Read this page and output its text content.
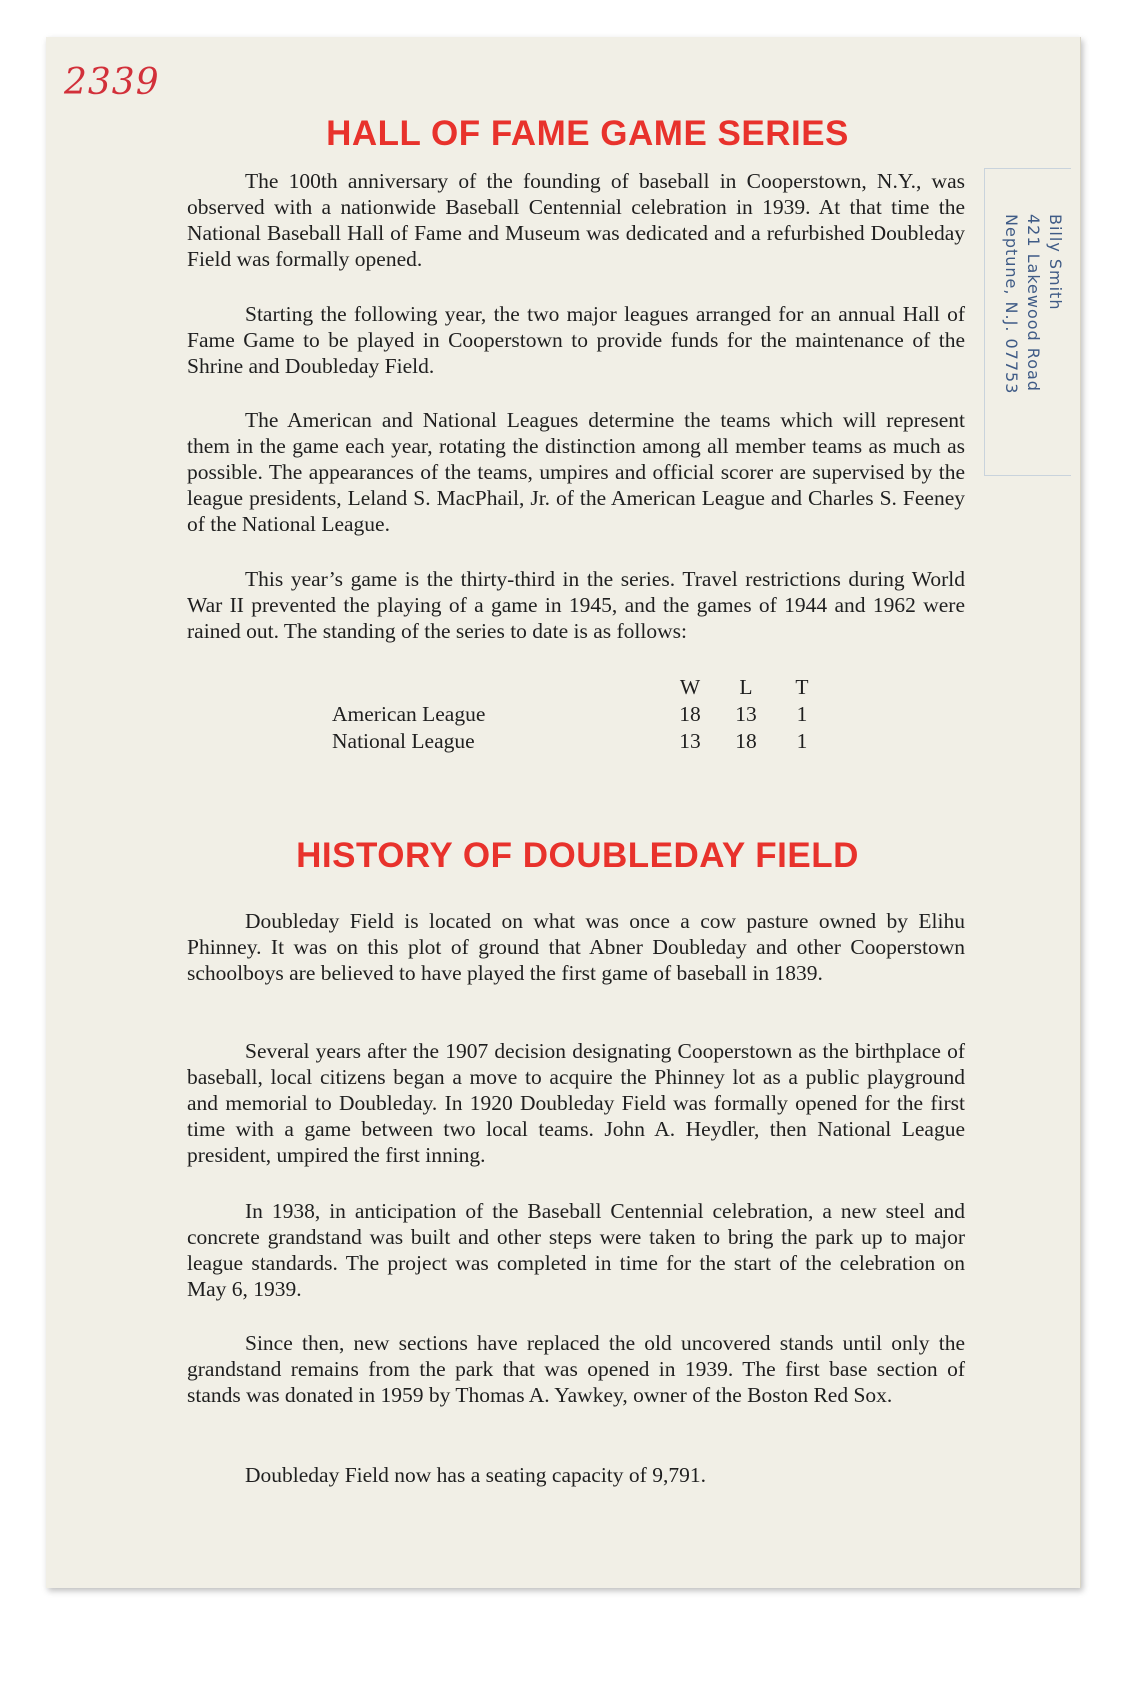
2339
HALL OF FAME GAME SERIES

The 100th anniversary of the founding of baseball in Cooperstown, N.Y., was observed with a nationwide Baseball Centennial celebration in 1939. At that time the National Baseball Hall of Fame and Museum was dedicated and a refurbished Doubleday Field was formally opened.

Starting the following year, the two major leagues arranged for an annual Hall of Fame Game to be played in Cooperstown to provide funds for the maintenance of the Shrine and Doubleday Field.

The American and National Leagues determine the teams which will represent them in the game each year, rotating the distinction among all member teams as much as possible. The appearances of the teams, umpires and official scorer are supervised by the league presidents, Leland S. MacPhail, Jr. of the American League and Charles S. Feeney of the National League.

This year’s game is the thirty-third in the series. Travel restrictions during World War II prevented the playing of a game in 1945, and the games of 1944 and 1962 were rained out. The standing of the series to date is as follows:

W	L	T
American League	18	13	1
National League	13	18	1
HISTORY OF DOUBLEDAY FIELD

Doubleday Field is located on what was once a cow pasture owned by Elihu Phinney. It was on this plot of ground that Abner Doubleday and other Cooperstown schoolboys are believed to have played the first game of baseball in 1839.

Several years after the 1907 decision designating Cooperstown as the birthplace of baseball, local citizens began a move to acquire the Phinney lot as a public playground and memorial to Doubleday. In 1920 Doubleday Field was formally opened for the first time with a game between two local teams. John A. Heydler, then National League president, umpired the first inning.

In 1938, in anticipation of the Baseball Centennial celebration, a new steel and concrete grandstand was built and other steps were taken to bring the park up to major league standards. The project was completed in time for the start of the celebration on May 6, 1939.

Since then, new sections have replaced the old uncovered stands until only the grandstand remains from the park that was opened in 1939. The first base section of stands was donated in 1959 by Thomas A. Yawkey, owner of the Boston Red Sox.

Doubleday Field now has a seating capacity of 9,791.

Billy Smith
421 Lakewood Road
Neptune, N.J. 07753
